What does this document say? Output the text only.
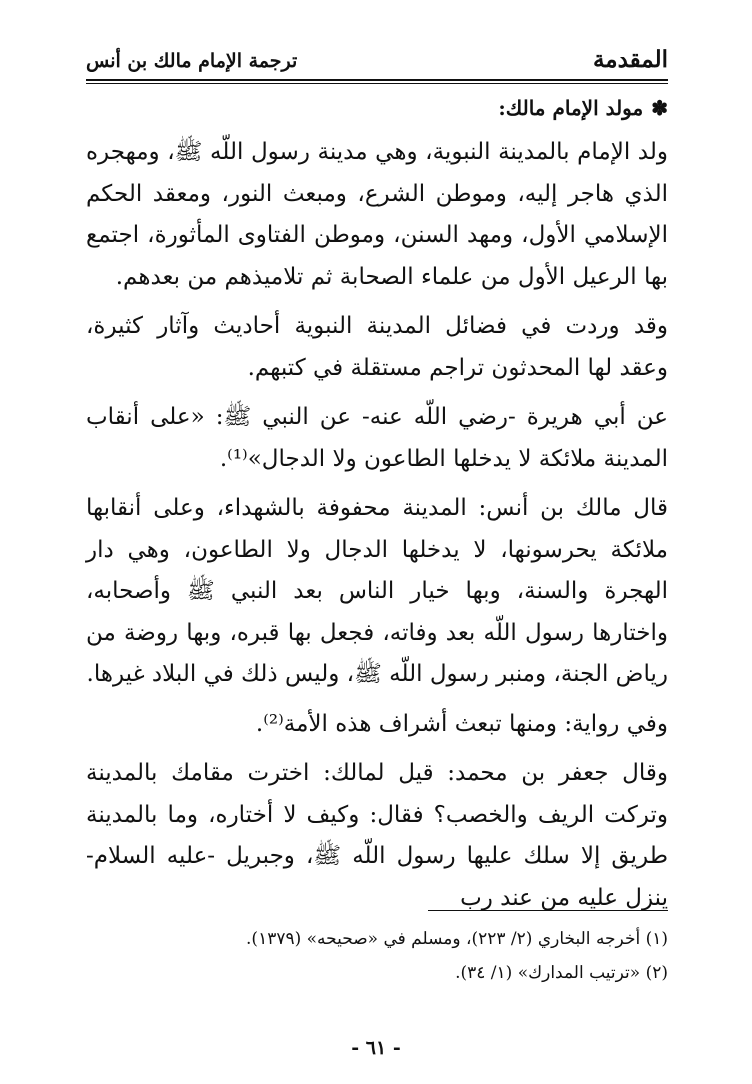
المقدمة
ترجمة الإمام مالك بن أنس
✽مولد الإمام مالك:

ولد الإمام بالمدينة النبوية، وهي مدينة رسول اللّه ﷺ، ومهجره الذي هاجر إليه، وموطن الشرع، ومبعث النور، ومعقد الحكم الإسلامي الأول، ومهد السنن، وموطن الفتاوى المأثورة، اجتمع بها الرعيل الأول من علماء الصحابة ثم تلاميذهم من بعدهم.

وقد وردت في فضائل المدينة النبوية أحاديث وآثار كثيرة، وعقد لها المحدثون تراجم مستقلة في كتبهم.

عن أبي هريرة -رضي اللّه عنه- عن النبي ﷺ: «على أنقاب المدينة ملائكة لا يدخلها الطاعون ولا الدجال»⁽¹⁾.

قال مالك بن أنس: المدينة محفوفة بالشهداء، وعلى أنقابها ملائكة يحرسونها، لا يدخلها الدجال ولا الطاعون، وهي دار الهجرة والسنة، وبها خيار الناس بعد النبي ﷺ وأصحابه، واختارها رسول اللّه بعد وفاته، فجعل بها قبره، وبها روضة من رياض الجنة، ومنبر رسول اللّه ﷺ، وليس ذلك في البلاد غيرها.

وفي رواية: ومنها تبعث أشراف هذه الأمة⁽²⁾.

وقال جعفر بن محمد: قيل لمالك: اخترت مقامك بالمدينة وتركت الريف والخصب؟ فقال: وكيف لا أختاره، وما بالمدينة طريق إلا سلك عليها رسول اللّه ﷺ، وجبريل -عليه السلام- ينزل عليه من عند رب

(١) أخرجه البخاري (٢/ ٢٢٣)، ومسلم في «صحيحه» (١٣٧٩).

(٢) «ترتيب المدارك» (١/ ٣٤).

- ٦١ -
